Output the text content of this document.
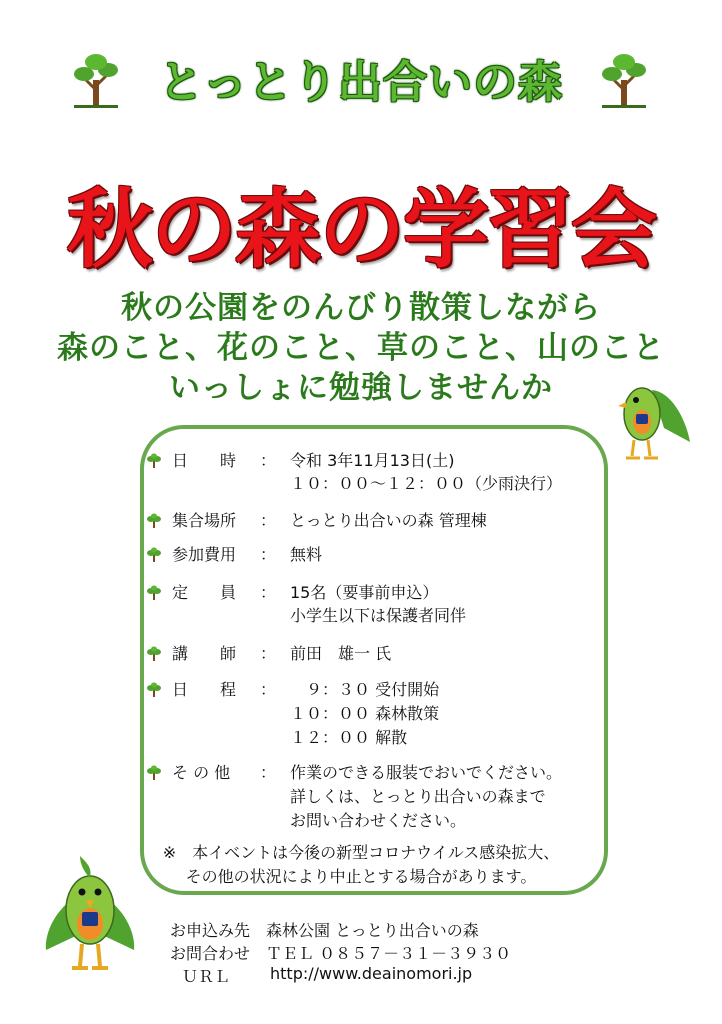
とっとり出合いの森
秋の森の学習会
秋の公園をのんびり散策しながら
森のこと、花のこと、草のこと、山のこと
いっしょに勉強しませんか
日　　時 ： 令和 3年11月13日(土)
１０：００～１２：００（少雨決行）
集合場所 ： とっとり出合いの森 管理棟
参加費用 ： 無料
定　　員 ： 15名（要事前申込）
小学生以下は保護者同伴
講　　師 ： 前田　雄一 氏
日　　程 ： 　９：３０ 受付開始
１０：００ 森林散策
１２：００ 解散
そ の 他 ： 作業のできる服装でおいでください。
詳しくは、とっとり出合いの森まで
お問い合わせください。
※　本イベントは今後の新型コロナウイルス感染拡大、
その他の状況により中止とする場合があります。
お申込み先 森林公園 とっとり出合いの森
お問合わせ ＴＥＬ ０８５７－３１－３９３０
ＵＲＬ http://www.deainomori.jp
